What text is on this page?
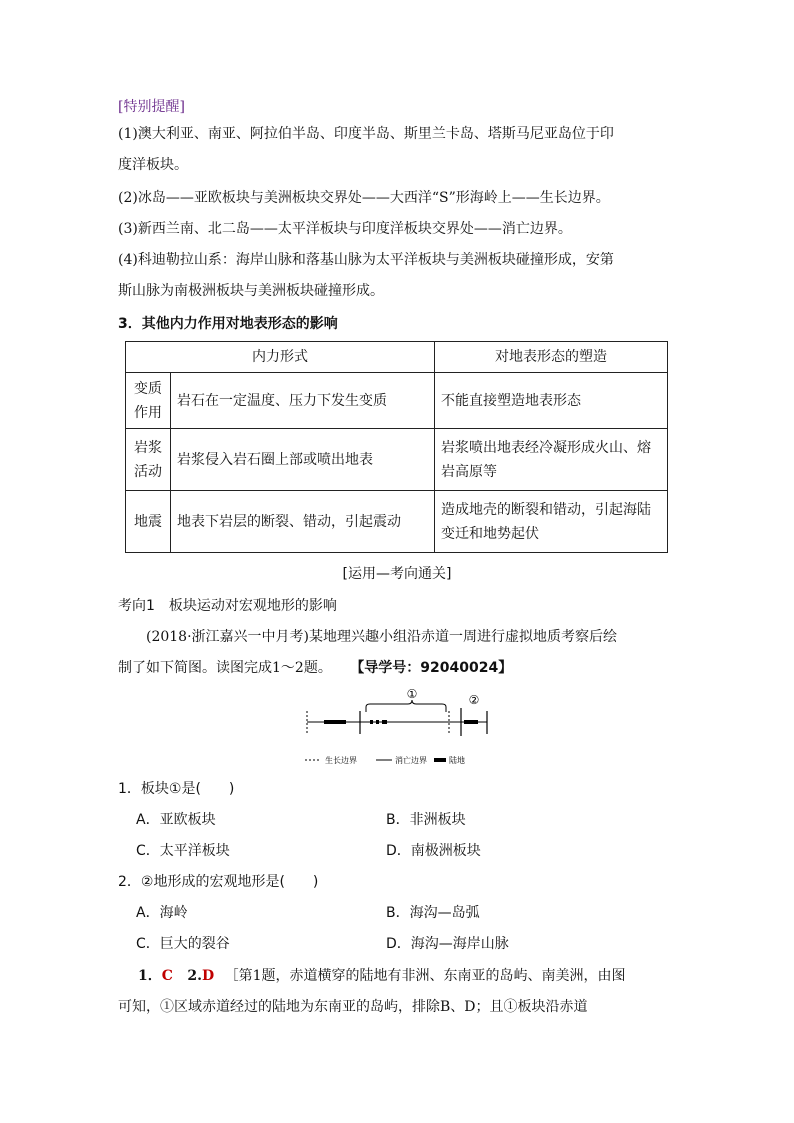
[特别提醒]
(1)澳大利亚、南亚、阿拉伯半岛、印度半岛、斯里兰卡岛、塔斯马尼亚岛位于印
度洋板块。
(2)冰岛——亚欧板块与美洲板块交界处——大西洋“S”形海岭上——生长边界。
(3)新西兰南、北二岛——太平洋板块与印度洋板块交界处——消亡边界。
(4)科迪勒拉山系：海岸山脉和落基山脉为太平洋板块与美洲板块碰撞形成，安第
斯山脉为南极洲板块与美洲板块碰撞形成。
3．其他内力作用对地表形态的影响
内力形式		对地表形态的塑造

变质
作用	岩石在一定温度、压力下发生变质	不能直接塑造地表形态

岩浆
活动	岩浆侵入岩石圈上部或喷出地表	岩浆喷出地表经冷凝形成火山、熔岩高原等

地震	地表下岩层的断裂、错动，引起震动	造成地壳的断裂和错动，引起海陆变迁和地势起伏
[运用—考向通关]
考向1　板块运动对宏观地形的影响
(2018·浙江嘉兴一中月考)某地理兴趣小组沿赤道一周进行虚拟地质考察后绘
制了如下简图。读图完成1～2题。 【导学号：92040024】
①	②
生长边界	消亡边界	陆地
1．板块①是(　　)
A．亚欧板块	B．非洲板块
C．太平洋板块	D．南极洲板块
2．②地形成的宏观地形是(　　)
A．海岭	B．海沟—岛弧
C．巨大的裂谷	D．海沟—海岸山脉
1．C 2.D ［第1题，赤道横穿的陆地有非洲、东南亚的岛屿、南美洲，由图
可知，①区域赤道经过的陆地为东南亚的岛屿，排除B、D；且①板块沿赤道
